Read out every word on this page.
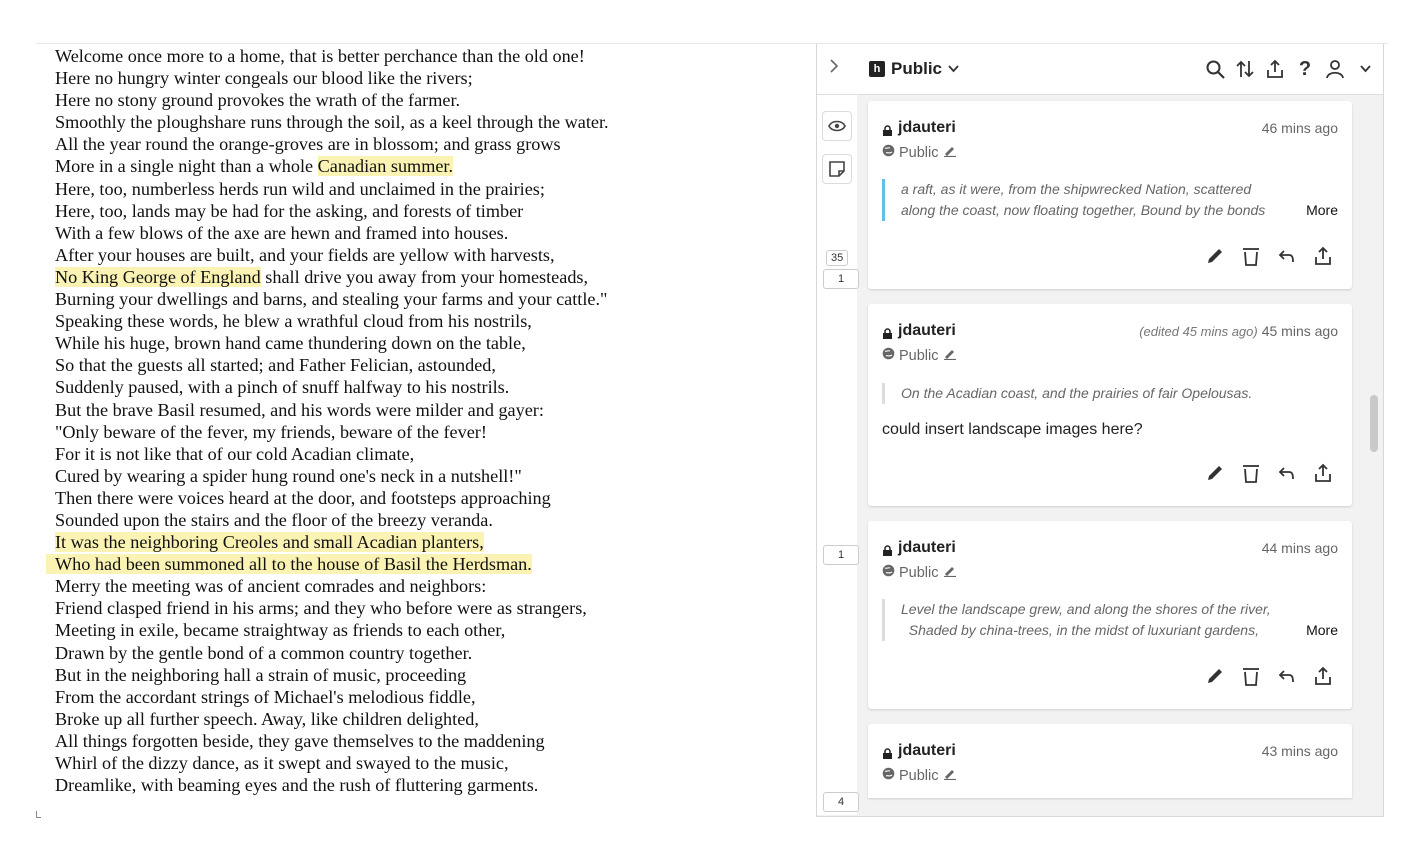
Welcome once more to a home, that is better perchance than the old one!
Here no hungry winter congeals our blood like the rivers;
Here no stony ground provokes the wrath of the farmer.
Smoothly the ploughshare runs through the soil, as a keel through the water.
All the year round the orange-groves are in blossom; and grass grows
More in a single night than a whole Canadian summer.
Here, too, numberless herds run wild and unclaimed in the prairies;
Here, too, lands may be had for the asking, and forests of timber
With a few blows of the axe are hewn and framed into houses.
After your houses are built, and your fields are yellow with harvests,
No King George of England shall drive you away from your homesteads,
Burning your dwellings and barns, and stealing your farms and your cattle."
Speaking these words, he blew a wrathful cloud from his nostrils,
While his huge, brown hand came thundering down on the table,
So that the guests all started; and Father Felician, astounded,
Suddenly paused, with a pinch of snuff halfway to his nostrils.
But the brave Basil resumed, and his words were milder and gayer:
"Only beware of the fever, my friends, beware of the fever!
For it is not like that of our cold Acadian climate,
Cured by wearing a spider hung round one's neck in a nutshell!"
Then there were voices heard at the door, and footsteps approaching
Sounded upon the stairs and the floor of the breezy veranda.
It was the neighboring Creoles and small Acadian planters,
Who had been summoned all to the house of Basil the Herdsman.
Merry the meeting was of ancient comrades and neighbors:
Friend clasped friend in his arms; and they who before were as strangers,
Meeting in exile, became straightway as friends to each other,
Drawn by the gentle bond of a common country together.
But in the neighboring hall a strain of music, proceeding
From the accordant strings of Michael's melodious fiddle,
Broke up all further speech. Away, like children delighted,
All things forgotten beside, they gave themselves to the maddening
Whirl of the dizzy dance, as it swept and swayed to the music,
Dreamlike, with beaming eyes and the rush of fluttering garments.
h Public	?
35
1
1
4
jdauteri	46 mins ago
Public
a raft, as it were, from the shipwrecked Nation, scattered
along the coast, now floating together, Bound by the bonds	More
jdauteri	(edited 45 mins ago) 45 mins ago
Public
On the Acadian coast, and the prairies of fair Opelousas.
could insert landscape images here?
jdauteri	44 mins ago
Public
Level the landscape grew, and along the shores of the river,
Shaded by china-trees, in the midst of luxuriant gardens,	More
jdauteri	43 mins ago
Public
